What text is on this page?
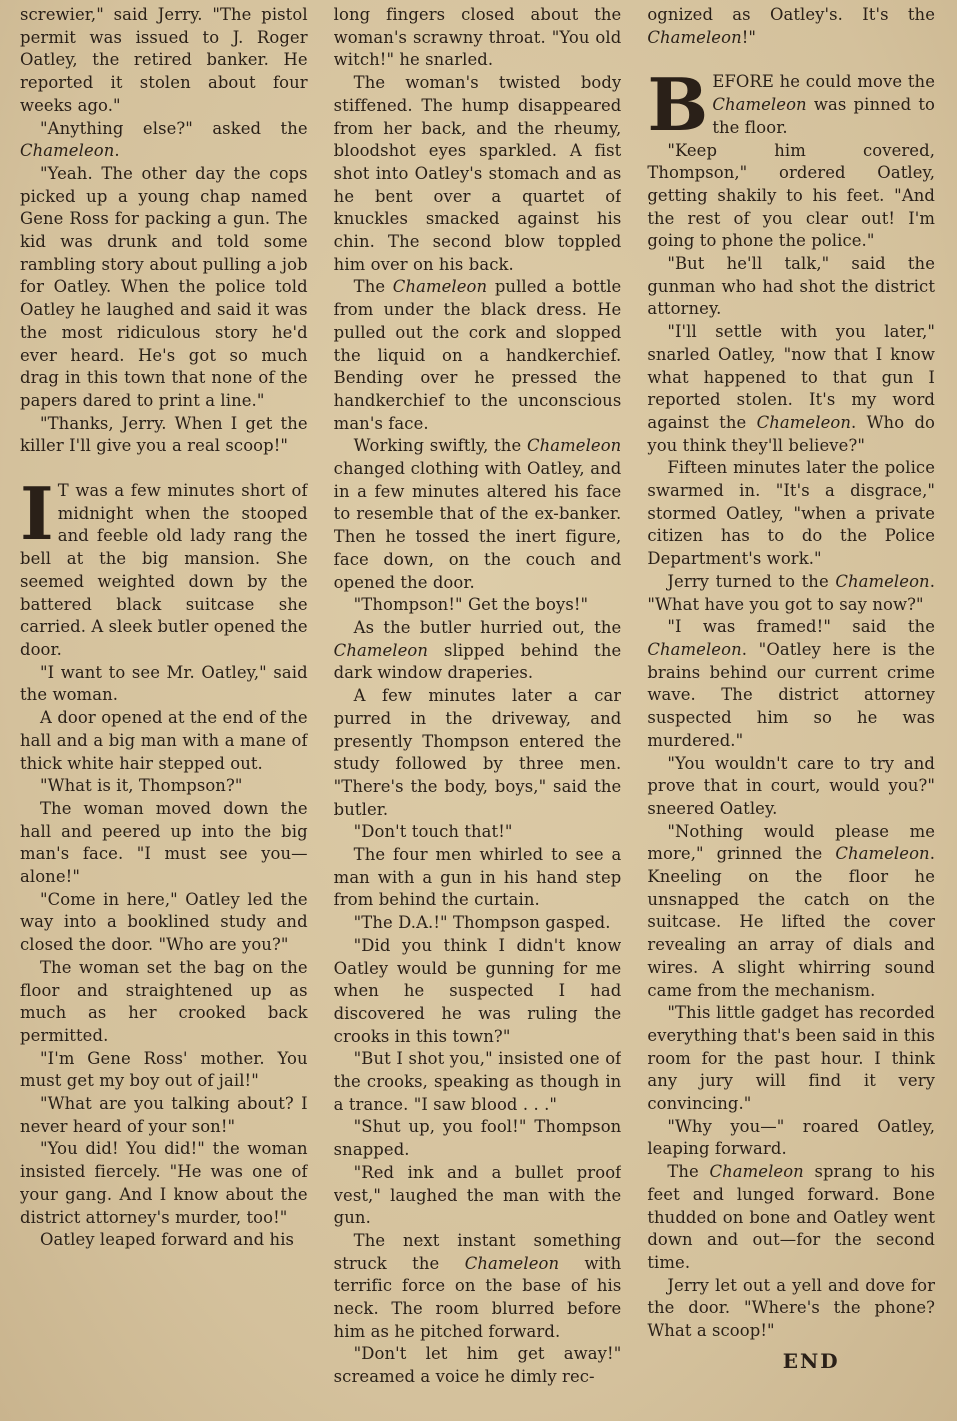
screwier," said Jerry. "The pistol permit was issued to J. Roger Oatley, the retired banker. He reported it stolen about four weeks ago."

"Anything else?" asked the Chameleon.

"Yeah. The other day the cops picked up a young chap named Gene Ross for packing a gun. The kid was drunk and told some rambling story about pulling a job for Oatley. When the police told Oatley he laughed and said it was the most ridiculous story he'd ever heard. He's got so much drag in this town that none of the papers dared to print a line."

"Thanks, Jerry. When I get the killer I'll give you a real scoop!"

I T was a few minutes short of midnight when the stooped and feeble old lady rang the bell at the big mansion. She seemed weighted down by the battered black suitcase she carried. A sleek butler opened the door.

"I want to see Mr. Oatley," said the woman.

A door opened at the end of the hall and a big man with a mane of thick white hair stepped out.

"What is it, Thompson?"

The woman moved down the hall and peered up into the big man's face. "I must see you—alone!"

"Come in here," Oatley led the way into a booklined study and closed the door. "Who are you?"

The woman set the bag on the floor and straightened up as much as her crooked back permitted.

"I'm Gene Ross' mother. You must get my boy out of jail!"

"What are you talking about? I never heard of your son!"

"You did! You did!" the woman insisted fiercely. "He was one of your gang. And I know about the district attorney's murder, too!"

Oatley leaped forward and his

long fingers closed about the woman's scrawny throat. "You old witch!" he snarled.

The woman's twisted body stiffened. The hump disappeared from her back, and the rheumy, bloodshot eyes sparkled. A fist shot into Oatley's stomach and as he bent over a quartet of knuckles smacked against his chin. The second blow toppled him over on his back.

The Chameleon pulled a bottle from under the black dress. He pulled out the cork and slopped the liquid on a handkerchief. Bending over he pressed the handkerchief to the unconscious man's face.

Working swiftly, the Chameleon changed clothing with Oatley, and in a few minutes altered his face to resemble that of the ex-banker. Then he tossed the inert figure, face down, on the couch and opened the door.

"Thompson!" Get the boys!"

As the butler hurried out, the Chameleon slipped behind the dark window draperies.

A few minutes later a car purred in the driveway, and presently Thompson entered the study followed by three men. "There's the body, boys," said the butler.

"Don't touch that!"

The four men whirled to see a man with a gun in his hand step from behind the curtain.

"The D.A.!" Thompson gasped.

"Did you think I didn't know Oatley would be gunning for me when he suspected I had discovered he was ruling the crooks in this town?"

"But I shot you," insisted one of the crooks, speaking as though in a trance. "I saw blood . . ."

"Shut up, you fool!" Thompson snapped.

"Red ink and a bullet proof vest," laughed the man with the gun.

The next instant something struck the Chameleon with terrific force on the base of his neck. The room blurred before him as he pitched forward.

"Don't let him get away!" screamed a voice he dimly rec-

ognized as Oatley's. It's the Chameleon!"

BEFORE he could move the Chameleon was pinned to the floor.

"Keep him covered, Thompson," ordered Oatley, getting shakily to his feet. "And the rest of you clear out! I'm going to phone the police."

"But he'll talk," said the gunman who had shot the district attorney.

"I'll settle with you later," snarled Oatley, "now that I know what happened to that gun I reported stolen. It's my word against the Chameleon. Who do you think they'll believe?"

Fifteen minutes later the police swarmed in. "It's a disgrace," stormed Oatley, "when a private citizen has to do the Police Department's work."

Jerry turned to the Chameleon. "What have you got to say now?"

"I was framed!" said the Chameleon. "Oatley here is the brains behind our current crime wave. The district attorney suspected him so he was murdered."

"You wouldn't care to try and prove that in court, would you?" sneered Oatley.

"Nothing would please me more," grinned the Chameleon. Kneeling on the floor he unsnapped the catch on the suitcase. He lifted the cover revealing an array of dials and wires. A slight whirring sound came from the mechanism.

"This little gadget has recorded everything that's been said in this room for the past hour. I think any jury will find it very convincing."

"Why you—" roared Oatley, leaping forward.

The Chameleon sprang to his feet and lunged forward. Bone thudded on bone and Oatley went down and out—for the second time.

Jerry let out a yell and dove for the door. "Where's the phone? What a scoop!"

END
